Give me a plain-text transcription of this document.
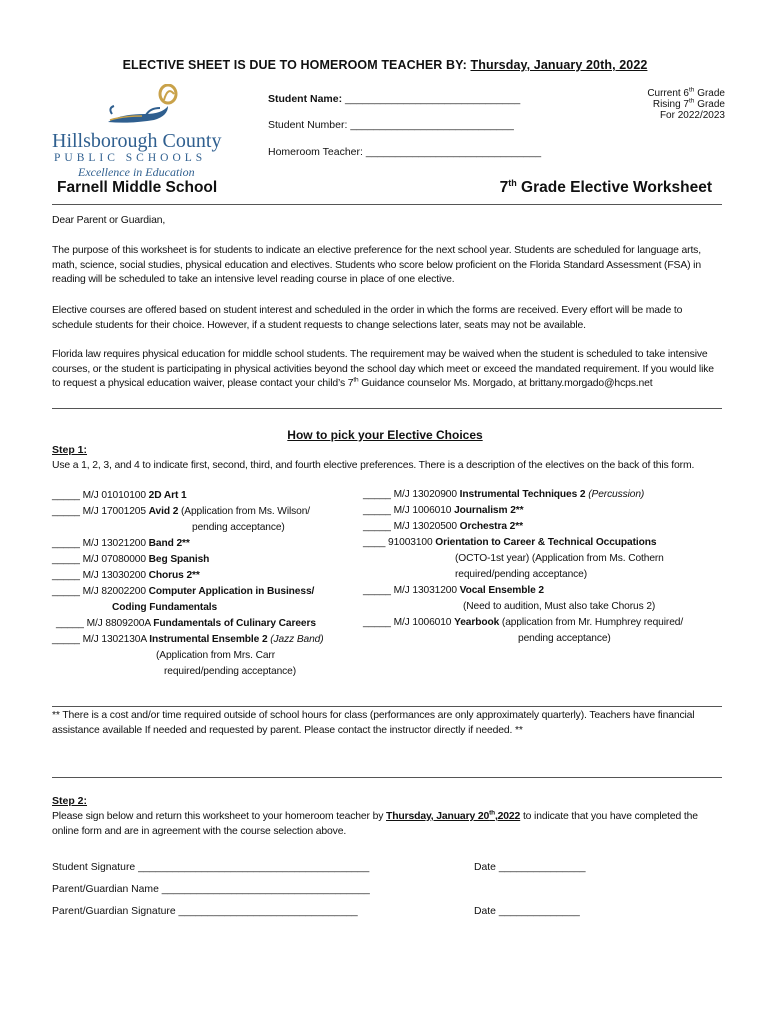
ELECTIVE SHEET IS DUE TO HOMEROOM TEACHER BY: Thursday, January 20th, 2022
Hillsborough County
PUBLIC SCHOOLS
Excellence in Education
Student Name: ______________________________
Student Number: ____________________________
Homeroom Teacher: ______________________________
Current 6th Grade
Rising 7th Grade
For 2022/2023
Farnell Middle School	7th Grade Elective Worksheet
Dear Parent or Guardian,
The purpose of this worksheet is for students to indicate an elective preference for the next school year. Students are scheduled for language arts, math, science, social studies, physical education and electives. Students who score below proficient on the Florida Standard Assessment (FSA) in reading will be scheduled to take an intensive level reading course in place of one elective.
Elective courses are offered based on student interest and scheduled in the order in which the forms are received. Every effort will be made to schedule students for their choice. However, if a student requests to change selections later, seats may not be available.
Florida law requires physical education for middle school students. The requirement may be waived when the student is scheduled to take intensive courses, or the student is participating in physical activities beyond the school day which meet or exceed the mandated requirement. If you would like to request a physical education waiver, please contact your child’s 7th Guidance counselor Ms. Morgado, at brittany.morgado@hcps.net
How to pick your Elective Choices
Step 1:
Use a 1, 2, 3, and 4 to indicate first, second, third, and fourth elective preferences. There is a description of the electives on the back of this form.
_____ M/J 01010100 2D Art 1
_____ M/J 17001205 Avid 2 (Application from Ms. Wilson/
pending acceptance)
_____ M/J 13021200 Band 2**
_____ M/J 07080000 Beg Spanish
_____ M/J 13030200 Chorus 2**
_____ M/J 82002200 Computer Application in Business/
Coding Fundamentals
_____ M/J 8809200A Fundamentals of Culinary Careers
_____ M/J 1302130A Instrumental Ensemble 2 (Jazz Band)
(Application from Mrs. Carr
required/pending acceptance)
_____ M/J 13020900 Instrumental Techniques 2 (Percussion)
_____ M/J 1006010 Journalism 2**
_____ M/J 13020500 Orchestra 2**
____ 91003100 Orientation to Career & Technical Occupations
(OCTO-1st year) (Application from Ms. Cothern
required/pending acceptance)
_____ M/J 13031200 Vocal Ensemble 2
(Need to audition, Must also take Chorus 2)
_____ M/J 1006010 Yearbook (application from Mr. Humphrey required/
pending acceptance)
** There is a cost and/or time required outside of school hours for class (performances are only approximately quarterly). Teachers have financial assistance available If needed and requested by parent. Please contact the instructor directly if needed. **
Step 2:
Please sign below and return this worksheet to your homeroom teacher by Thursday, January 20th,2022 to indicate that you have completed the online form and are in agreement with the course selection above.
Student Signature ________________________________________	Date _______________
Parent/Guardian Name ____________________________________
Parent/Guardian Signature _______________________________	Date ______________
